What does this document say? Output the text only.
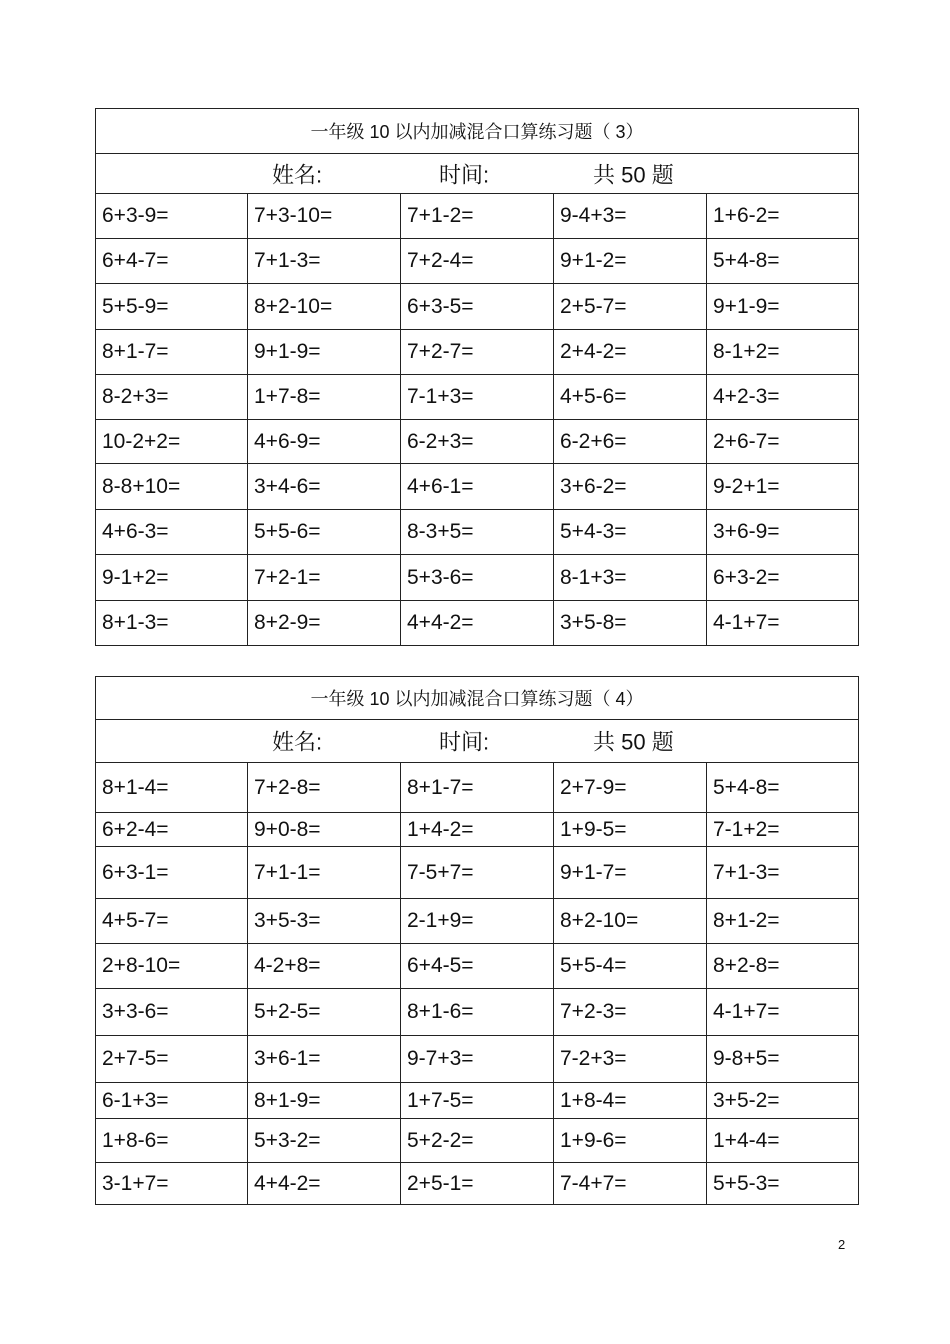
一年级 10 以内加减混合口算练习题（ 3）				

姓名: 时间: 共 50 题				

6+3-9=	7+3-10=	7+1-2=	9-4+3=	1+6-2=
6+4-7=	7+1-3=	7+2-4=	9+1-2=	5+4-8=
5+5-9=	8+2-10=	6+3-5=	2+5-7=	9+1-9=
8+1-7=	9+1-9=	7+2-7=	2+4-2=	8-1+2=
8-2+3=	1+7-8=	7-1+3=	4+5-6=	4+2-3=
10-2+2=	4+6-9=	6-2+3=	6-2+6=	2+6-7=
8-8+10=	3+4-6=	4+6-1=	3+6-2=	9-2+1=
4+6-3=	5+5-6=	8-3+5=	5+4-3=	3+6-9=
9-1+2=	7+2-1=	5+3-6=	8-1+3=	6+3-2=
8+1-3=	8+2-9=	4+4-2=	3+5-8=	4-1+7=
一年级 10 以内加减混合口算练习题（ 4）				

姓名: 时间: 共 50 题				

8+1-4=	7+2-8=	8+1-7=	2+7-9=	5+4-8=
6+2-4=	9+0-8=	1+4-2=	1+9-5=	7-1+2=
6+3-1=	7+1-1=	7-5+7=	9+1-7=	7+1-3=
4+5-7=	3+5-3=	2-1+9=	8+2-10=	8+1-2=
2+8-10=	4-2+8=	6+4-5=	5+5-4=	8+2-8=
3+3-6=	5+2-5=	8+1-6=	7+2-3=	4-1+7=
2+7-5=	3+6-1=	9-7+3=	7-2+3=	9-8+5=
6-1+3=	8+1-9=	1+7-5=	1+8-4=	3+5-2=
1+8-6=	5+3-2=	5+2-2=	1+9-6=	1+4-4=
3-1+7=	4+4-2=	2+5-1=	7-4+7=	5+5-3=
2
